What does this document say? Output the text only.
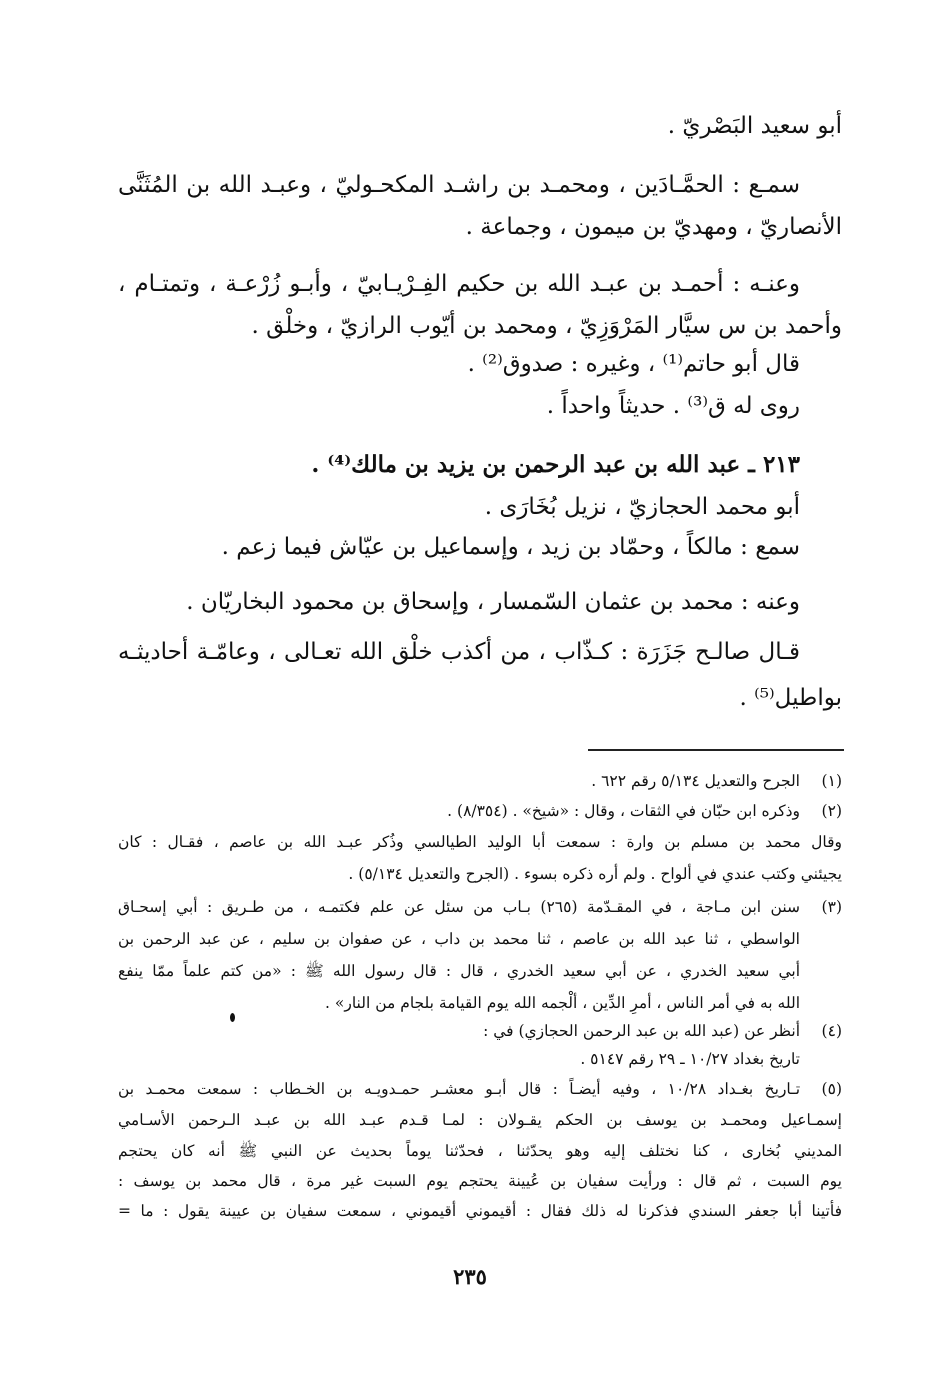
أبو سعيد البَصْريّ .
سمـع : الحمَّـادَين ، ومحمـد بن راشـد المكحـوليّ ، وعبـد الله بن المُثَنَّى
الأنصاريّ ، ومهديّ بن ميمون ، وجماعة .
وعنـه : أحمـد بن عبـد الله بن حكيم الفِـرْيـابيّ ، وأبـو زُرْعـة ، وتمتـام ،
وأحمد بن س سيَّار المَرْوَزِيّ ، ومحمد بن أيّوب الرازيّ ، وخلْق .
قال أبو حاتم⁽¹⁾ ، وغيره : صدوق⁽²⁾ .
روى له ق⁽³⁾ . حديثاً واحداً .
٢١٣ ـ عبد الله بن عبد الرحمن بن يزيد بن مالك⁽⁴⁾ .
أبو محمد الحجازيّ ، نزيل بُخَارَى .
سمع : مالكاً ، وحمّاد بن زيد ، وإسماعيل بن عيّاش فيما زعم .
وعنه : محمد بن عثمان السّمسار ، وإسحاق بن محمود البخاريّان .
قـال صالـح جَزَرَة : كـذّاب ، من أكذب خلْق الله تعـالى ، وعامّـة أحاديثـه
بواطيل⁽⁵⁾ .
(١)
الجرح والتعديل ٥/١٣٤ رقم ٦٢٢ .
(٢)
وذكره ابن حبّان في الثقات ، وقال : «شيخ» . (٨/٣٥٤) .
وقال محمد بن مسلم بن وارة : سمعت أبا الوليد الطيالسي وذُكر عبـد الله بن عاصم ، فقـال : كان
يجيئني وكتب عندي في ألواح . ولم أره ذكره بسوء . (الجرح والتعديل ٥/١٣٤) .
(٣)
سنن ابن مـاجة ، في المقـدّمة (٢٦٥) بـاب من سئل عن علم فكتمـه ، من طـريق : أبي إسحـاق
الواسطي ، ثنا عبد الله بن عاصم ، ثنا محمد بن داب ، عن صفوان بن سليم ، عن عبد الرحمن بن
أبي سعيد الخدري ، عن أبي سعيد الخدري ، قال : قال رسول الله ﷺ : «من كتم علماً ممّا ينفع
الله به في أمر الناس ، أمرِ الدِّين ، ألْجمه الله يوم القيامة بلجام من النار» .
(٤)
أنظر عن (عبد الله بن عبد الرحمن الحجازي) في :
تاريخ بغداد ١٠/٢٧ ـ ٢٩ رقم ٥١٤٧ .
(٥)
تـاريخ بغـداد ١٠/٢٨ ، وفيه أيضـاً : قال أبـو معشـر حمـدويـه بن الخـطاب : سمعت محمـد بن
إسمـاعيل ومحمـد بن يوسف بن الحكم يقـولان : لمـا قـدم عبـد الله بن عبـد الـرحمن الأسـامي
المديني بُخارى ، كنا نختلف إليه وهو يحدّثنا ، فحدّثنا يوماً بحديث عن النبي ﷺ أنه كان يحتجم
يوم السبت ، ثم قال : ورأيت سفيان بن عُيينة يحتجم يوم السبت غير مرة ، قال محمد بن يوسف :
فأتينا أبا جعفر السندي فذكرنا له ذلك فقال : أقيموني أقيموني ، سمعت سفيان بن عيينة يقول : ما =
٢٣٥
